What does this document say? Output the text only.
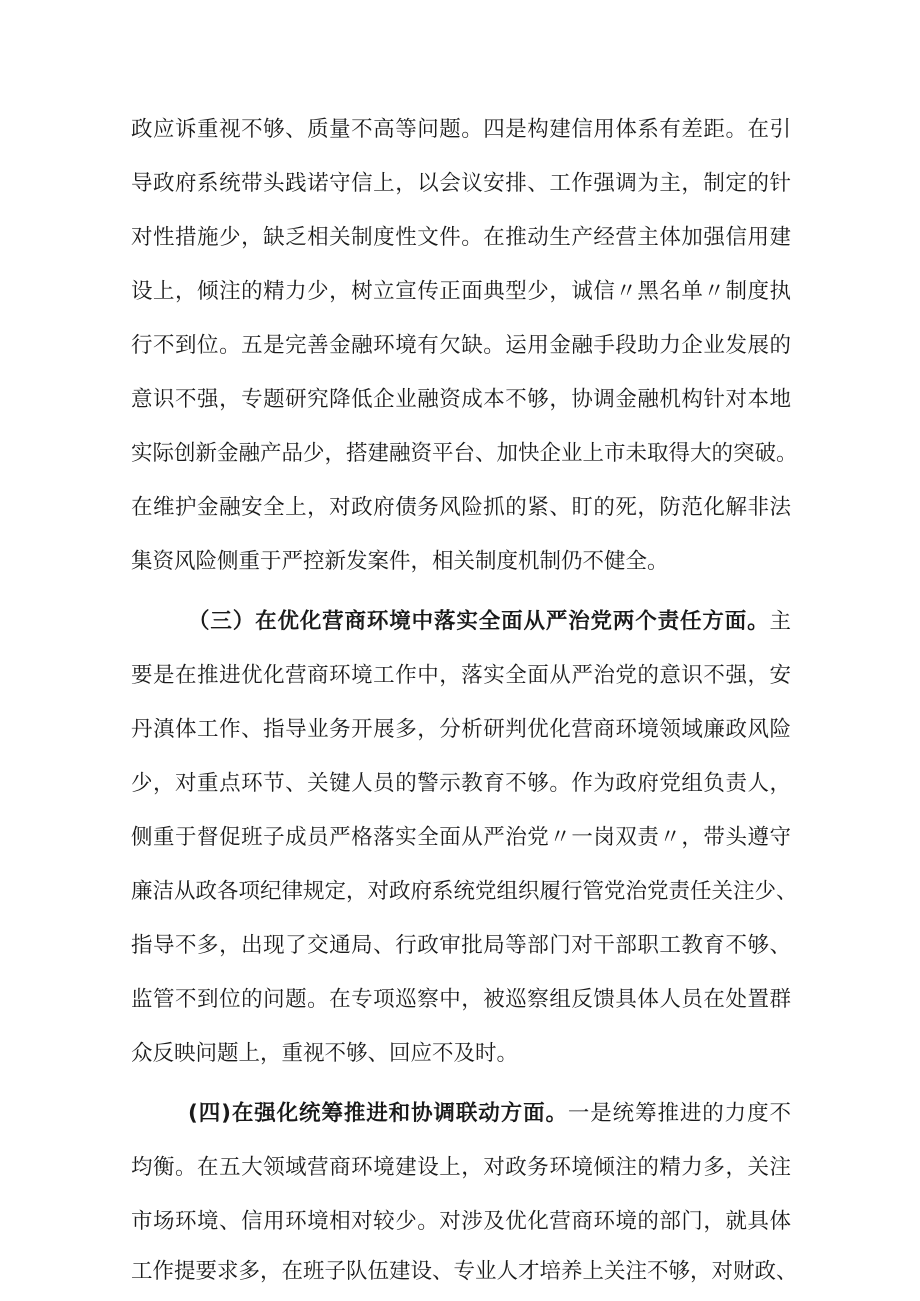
政应诉重视不够、质量不高等问题。四是构建信用体系有差距。在引
导政府系统带头践诺守信上，以会议安排、工作强调为主，制定的针
对性措施少，缺乏相关制度性文件。在推动生产经营主体加强信用建
设上，倾注的精力少，树立宣传正面典型少，诚信〃黑名单〃制度执
行不到位。五是完善金融环境有欠缺。运用金融手段助力企业发展的
意识不强，专题研究降低企业融资成本不够，协调金融机构针对本地
实际创新金融产品少，搭建融资平台、加快企业上市未取得大的突破。
在维护金融安全上，对政府债务风险抓的紧、盯的死，防范化解非法
集资风险侧重于严控新发案件，相关制度机制仍不健全。
（三）在优化营商环境中落实全面从严治党两个责任方面。主
要是在推进优化营商环境工作中，落实全面从严治党的意识不强，安
丹滇体工作、指导业务开展多，分析研判优化营商环境领域廉政风险
少，对重点环节、关键人员的警示教育不够。作为政府党组负责人，
侧重于督促班子成员严格落实全面从严治党〃一岗双责〃，带头遵守
廉洁从政各项纪律规定，对政府系统党组织履行管党治党责任关注少、
指导不多，出现了交通局、行政审批局等部门对干部职工教育不够、
监管不到位的问题。在专项巡察中，被巡察组反馈具体人员在处置群
众反映问题上，重视不够、回应不及时。
(四)在强化统筹推进和协调联动方面。一是统筹推进的力度不
均衡。在五大领域营商环境建设上，对政务环境倾注的精力多，关注
市场环境、信用环境相对较少。对涉及优化营商环境的部门，就具体
工作提要求多，在班子队伍建设、专业人才培养上关注不够，对财政、
